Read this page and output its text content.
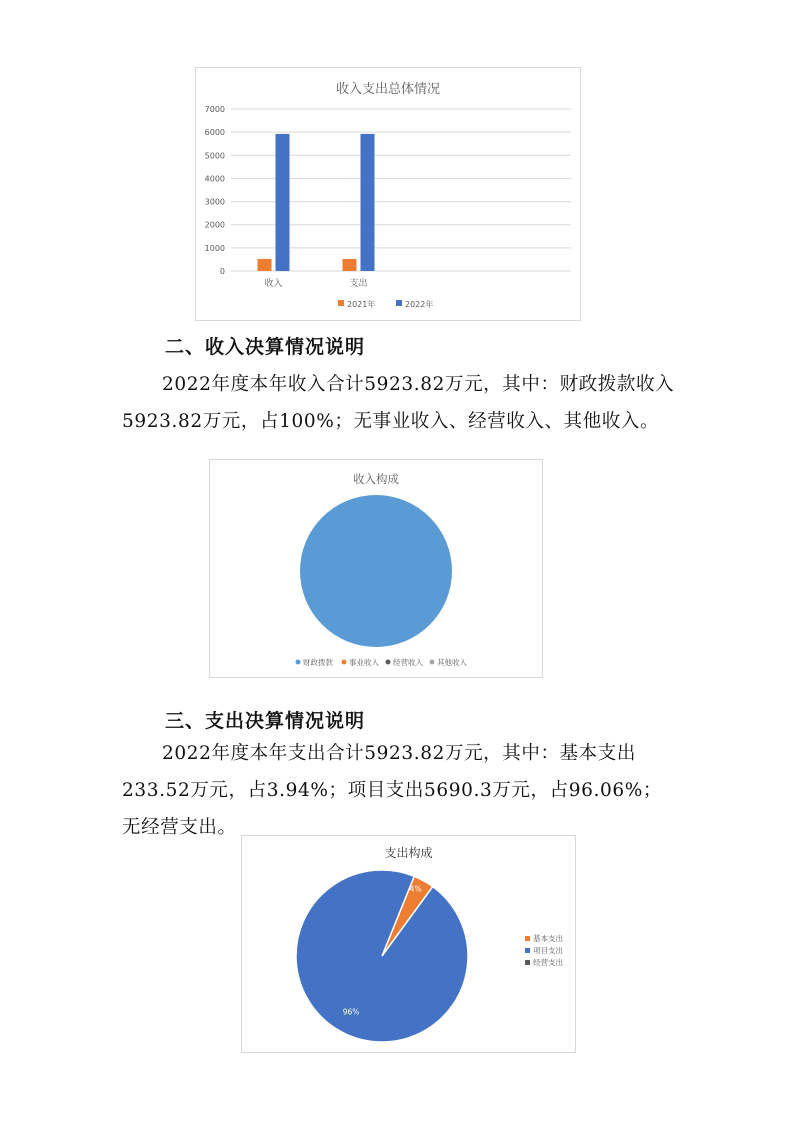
收入支出总体情况
0
1000
2000
3000
4000
5000
6000
7000
收入	支出
2021年	2022年
二、收入决算情况说明

2022年度本年收入合计5923.82万元，其中：财政拨款收入5923.82万元，占100%；无事业收入、经营收入、其他收入。

收入构成
财政拨款 事业收入 经营收入 其他收入
三、支出决算情况说明

2022年度本年支出合计5923.82万元，其中：基本支出233.52万元，占3.94%；项目支出5690.3万元，占96.06%；无经营支出。

支出构成
4%
96%
基本支出
项目支出
经营支出
